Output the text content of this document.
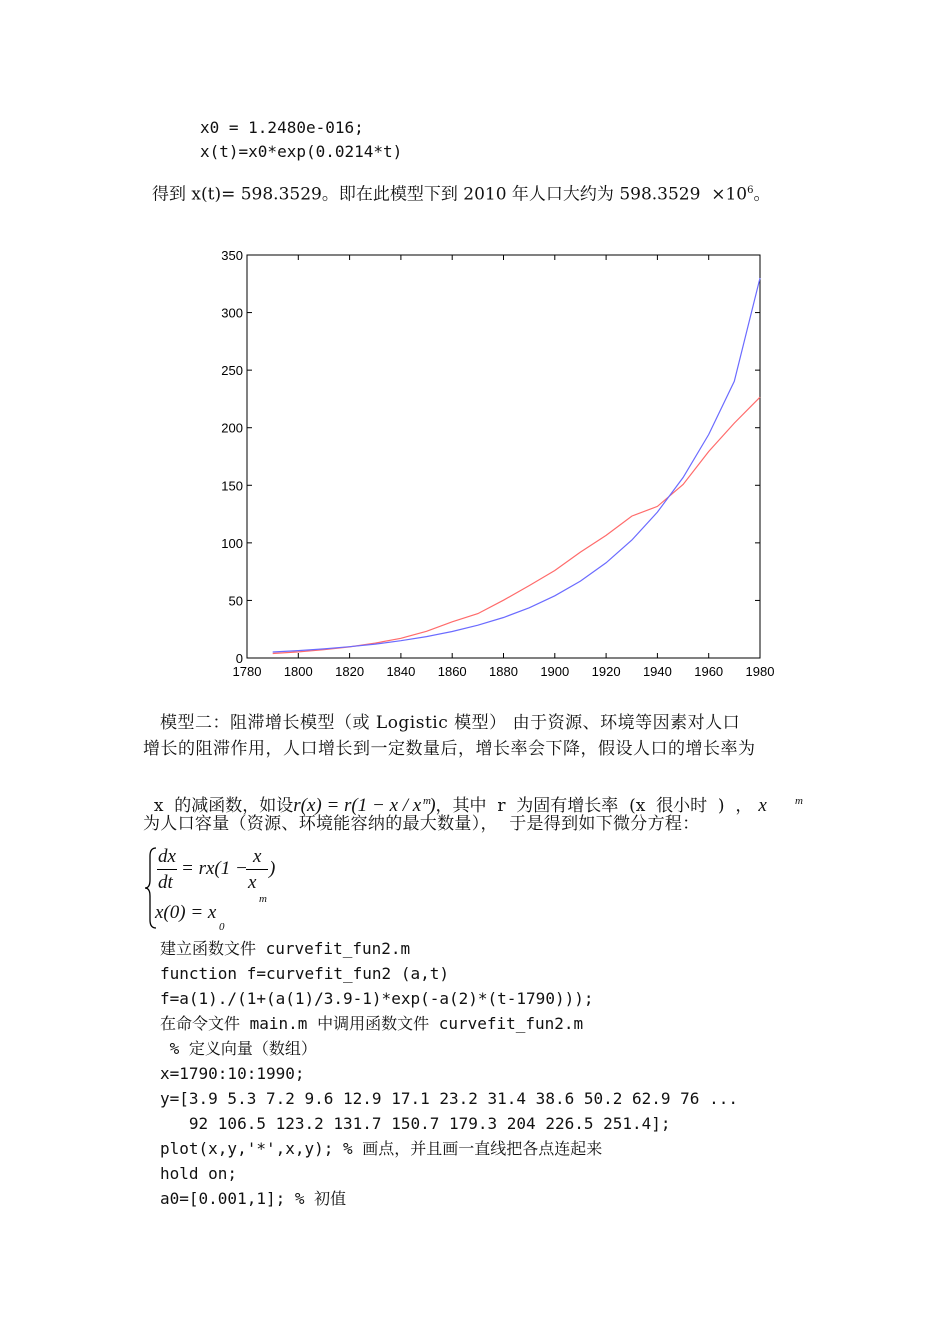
x0 = 1.2480e-016;
x(t)=x0*exp(0.0214*t)
得到 x(t)= 598.3529。即在此模型下到 2010 年人口大约为 $598.3529 \times 10^6$。
1780 1800 1820 1840 1860 1880 1900 1920 1940 1960 1980
0
50
100
150
200
250
300
350
模型二：阻滞增长模型（或 Logistic 模型） 由于资源、环境等因素对人口
增长的阻滞作用，人口增长到一定数量后，增长率会下降，假设人口的增长率为

x  的减函数，如设r(x) = r(1 − x / x )，其中  r  为固有增长率  (x  很小时  )  ， x

m	m
为人口容量（资源、环境能容纳的最大数量），  于是得到如下微分方程：
dx
dt
= rx(1 −
x
x
m
)
x(0) = x
0
建立函数文件 curvefit_fun2.m
function f=curvefit_fun2 (a,t)
f=a(1)./(1+(a(1)/3.9-1)*exp(-a(2)*(t-1790)));
在命令文件 main.m 中调用函数文件 curvefit_fun2.m
% 定义向量（数组）
x=1790:10:1990;
y=[3.9 5.3 7.2 9.6 12.9 17.1 23.2 31.4 38.6 50.2 62.9 76 ...
92 106.5 123.2 131.7 150.7 179.3 204 226.5 251.4];
plot(x,y,'*',x,y); % 画点，并且画一直线把各点连起来
hold on;
a0=[0.001,1]; % 初值
